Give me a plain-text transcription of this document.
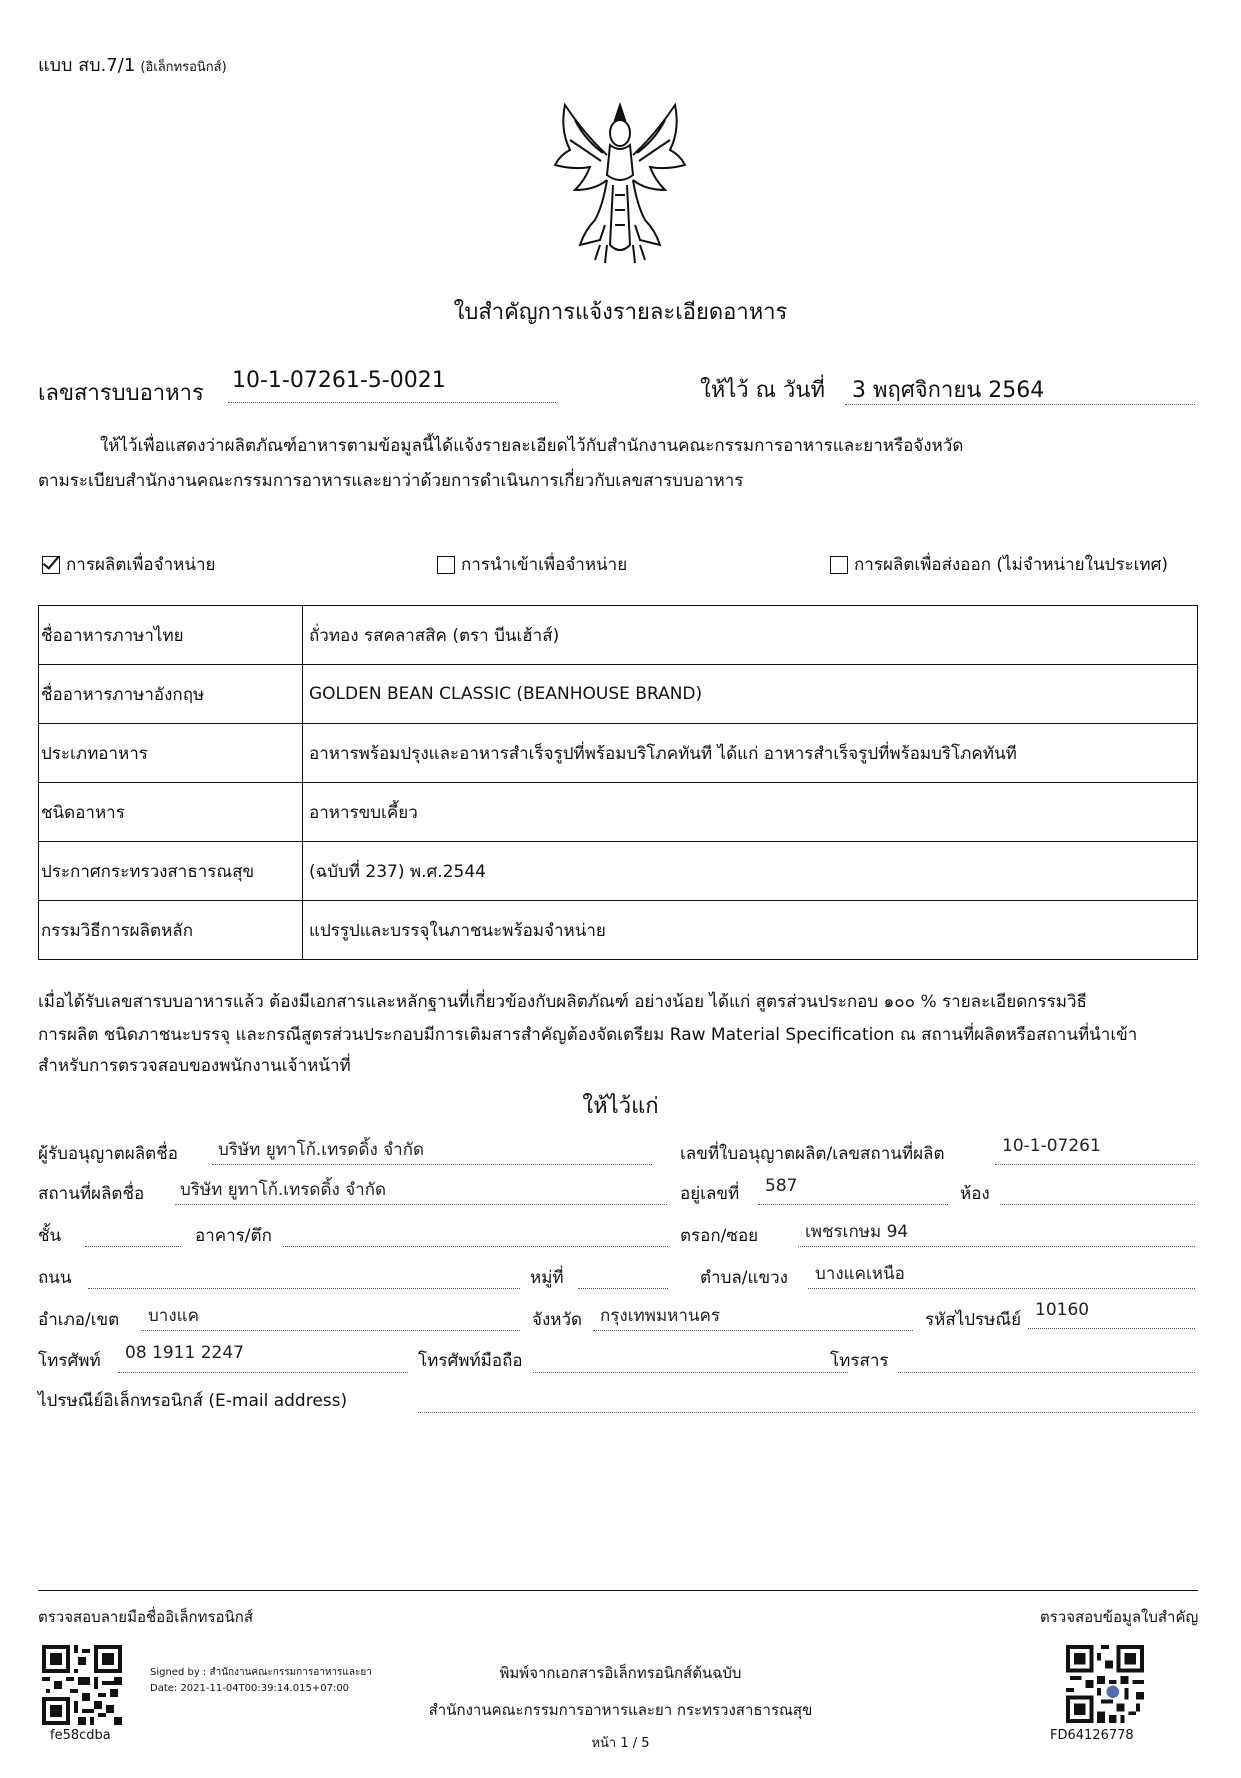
แบบ สบ.7/1 (อิเล็กทรอนิกส์)
ใบสำคัญการแจ้งรายละเอียดอาหาร
เลขสารบบอาหาร
10-1-07261-5-0021	ให้ไว้ ณ วันที่ 3 พฤศจิกายน 2564
ให้ไว้เพื่อแสดงว่าผลิตภัณฑ์อาหารตามข้อมูลนี้ได้แจ้งรายละเอียดไว้กับสำนักงานคณะกรรมการอาหารและยาหรือจังหวัด
ตามระเบียบสำนักงานคณะกรรมการอาหารและยาว่าด้วยการดำเนินการเกี่ยวกับเลขสารบบอาหาร
การผลิตเพื่อจำหน่าย	การนำเข้าเพื่อจำหน่าย	การผลิตเพื่อส่งออก (ไม่จำหน่ายในประเทศ)
ชื่ออาหารภาษาไทย	ถั่วทอง รสคลาสสิค (ตรา บีนเฮ้าส์)
ชื่ออาหารภาษาอังกฤษ	GOLDEN BEAN CLASSIC (BEANHOUSE BRAND)
ประเภทอาหาร	อาหารพร้อมปรุงและอาหารสำเร็จรูปที่พร้อมบริโภคทันที ได้แก่ อาหารสำเร็จรูปที่พร้อมบริโภคทันที
ชนิดอาหาร	อาหารขบเคี้ยว
ประกาศกระทรวงสาธารณสุข	(ฉบับที่ 237) พ.ศ.2544
กรรมวิธีการผลิตหลัก	แปรรูปและบรรจุในภาชนะพร้อมจำหน่าย
เมื่อได้รับเลขสารบบอาหารแล้ว ต้องมีเอกสารและหลักฐานที่เกี่ยวข้องกับผลิตภัณฑ์ อย่างน้อย ได้แก่ สูตรส่วนประกอบ ๑๐๐ % รายละเอียดกรรมวิธี
การผลิต ชนิดภาชนะบรรจุ และกรณีสูตรส่วนประกอบมีการเติมสารสำคัญต้องจัดเตรียม Raw Material Specification ณ สถานที่ผลิตหรือสถานที่นำเข้า
สำหรับการตรวจสอบของพนักงานเจ้าหน้าที่
ให้ไว้แก่
ผู้รับอนุญาตผลิตชื่อ บริษัท ยูทาโก้.เทรดดิ้ง จำกัด	เลขที่ใบอนุญาตผลิต/เลขสถานที่ผลิต	10-1-07261
สถานที่ผลิตชื่อ บริษัท ยูทาโก้.เทรดดิ้ง จำกัด	อยู่เลขที่ 587	ห้อง
ชั้น	อาคาร/ตึก	ตรอก/ซอย	เพชรเกษม 94
ถนน	หมู่ที่	ตำบล/แขวง บางแคเหนือ
อำเภอ/เขต บางแค	จังหวัด กรุงเทพมหานคร	รหัสไปรษณีย์ 10160
โทรศัพท์ 08 1911 2247	โทรศัพท์มือถือ	โทรสาร
ไปรษณีย์อิเล็กทรอนิกส์ (E-mail address)
ตรวจสอบลายมือชื่ออิเล็กทรอนิกส์	ตรวจสอบข้อมูลใบสำคัญ
fe58cdba
Signed by : สำนักงานคณะกรรมการอาหารและยา
Date: 2021-11-04T00:39:14.015+07:00
พิมพ์จากเอกสารอิเล็กทรอนิกส์ต้นฉบับ
สำนักงานคณะกรรมการอาหารและยา กระทรวงสาธารณสุข
หน้า 1 / 5
FD64126778
